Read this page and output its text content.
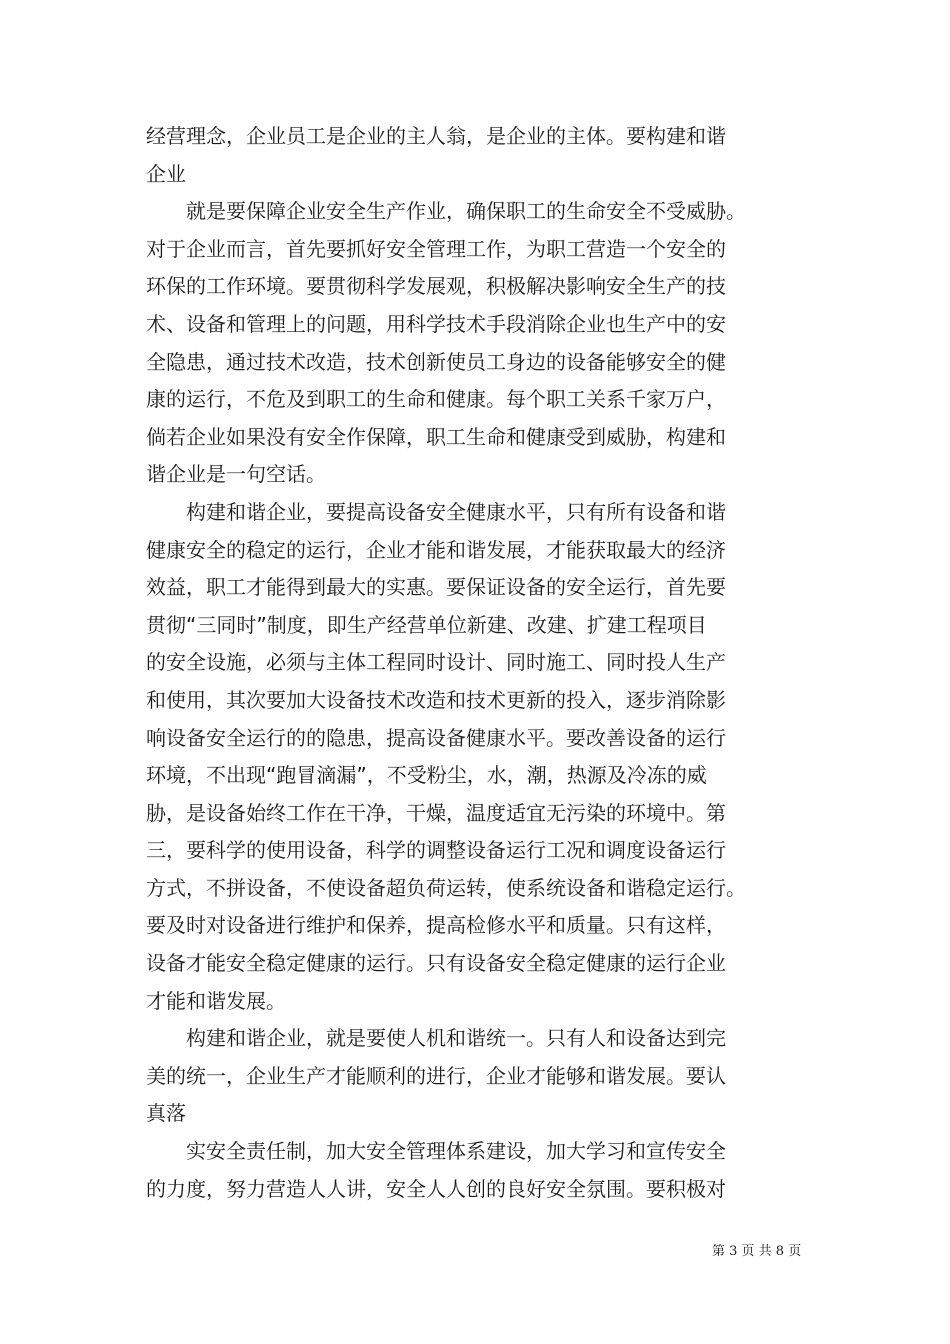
经营理念，企业员工是企业的主人翁，是企业的主体。要构建和谐
企业
就是要保障企业安全生产作业，确保职工的生命安全不受威胁。
对于企业而言，首先要抓好安全管理工作，为职工营造一个安全的
环保的工作环境。要贯彻科学发展观，积极解决影响安全生产的技
术、设备和管理上的问题，用科学技术手段消除企业也生产中的安
全隐患，通过技术改造，技术创新使员工身边的设备能够安全的健
康的运行，不危及到职工的生命和健康。每个职工关系千家万户，
倘若企业如果没有安全作保障，职工生命和健康受到威胁，构建和
谐企业是一句空话。
构建和谐企业，要提高设备安全健康水平，只有所有设备和谐
健康安全的稳定的运行，企业才能和谐发展，才能获取最大的经济
效益，职工才能得到最大的实惠。要保证设备的安全运行，首先要
贯彻“三同时”制度，即生产经营单位新建、改建、扩建工程项目
的安全设施，必须与主体工程同时设计、同时施工、同时投人生产
和使用，其次要加大设备技术改造和技术更新的投入，逐步消除影
响设备安全运行的的隐患，提高设备健康水平。要改善设备的运行
环境，不出现“跑冒滴漏”，不受粉尘，水，潮，热源及冷冻的威
胁，是设备始终工作在干净，干燥，温度适宜无污染的环境中。第
三，要科学的使用设备，科学的调整设备运行工况和调度设备运行
方式，不拼设备，不使设备超负荷运转，使系统设备和谐稳定运行。
要及时对设备进行维护和保养，提高检修水平和质量。只有这样，
设备才能安全稳定健康的运行。只有设备安全稳定健康的运行企业
才能和谐发展。
构建和谐企业，就是要使人机和谐统一。只有人和设备达到完
美的统一，企业生产才能顺利的进行，企业才能够和谐发展。要认
真落
实安全责任制，加大安全管理体系建设，加大学习和宣传安全
的力度，努力营造人人讲，安全人人创的良好安全氛围。要积极对
第 3 页 共 8 页
